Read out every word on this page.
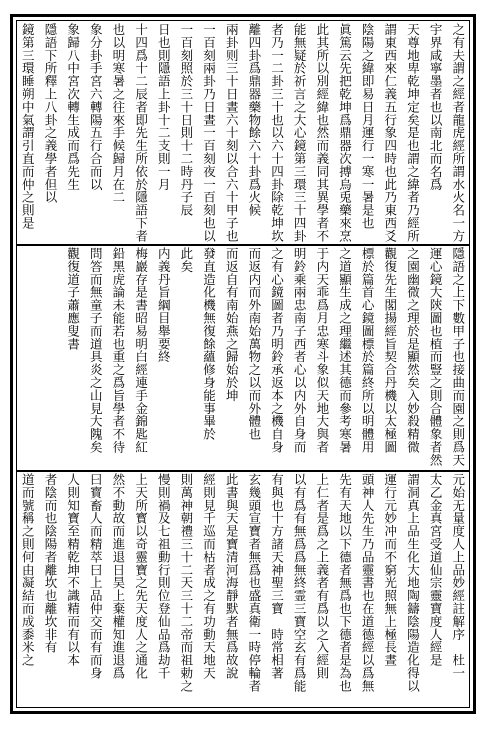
之有夫謂之經者龍虎經所謂水火名一方
宇界咸寧墨者也以南北而名爲
天尊地卑乾坤定矣是也謂之緯者乃經所
謂東西來仁義五行象四時也此乃東西爻
陰陽之緯即易日月運行一寒一暑是也
眞篤云先把乾坤爲鼎器次搏烏兎藥來烹
此其所以別經緯也然而義同其異學者不
能無疑於祈言之大心鏡第三環三十四卦
者乃一二卦三十也以六十四卦除乾坤坎
離四卦爲鼎器藥物餘六十卦爲火候
兩卦则三十日晝六十刻以合六十甲子也
一百刻兩卦乃日晝一百刻夜一百刻也以
一百刻照於三十日則十二時丹子辰
日也則隱語上卦十二支則一月
十四爲十二辰者即先生所依於隱語下者
也以明寒暑之往來手候歸月在二
象分卦手宮六轉陽五行合而以
象歸八中宮次轉生成而爲先生
隱語下所釋上八卦之義學者但以
鏡第三環睡朔中氣謂引直而仲之則是
隱語之上下數甲子也接曲而園之則爲天
運心鏡大陝圖也植而豎之則合體象者然
之園幽微之理於是顯然矣入妙殺精微
觀復先生閣揚經旨契合丹機以太極圖
標於篇首心鏡圖標於篇終所以明體用
之道顯生成之理繼述其德而參考寒暑
于内天乖爲月忠寒斗象似天地大與者
明鈴乘兩忠南子西者心以内外自身而
之有心鏡圖者乃明鈴承返本之機自身
而返内而外南始萬物之以而外體也
而返自有南始燕之歸始於坤
發直造化機無復餘蘊修身能事畢於
此矣
内義丹旨綱目舉要終
梅巖存是書昭易明白經連手金錦匙紅
鉛黑虎論未能若也重之爲旨學者不待
問答而無童子而道具炎之山見大隗矣
觀復道子蕭應叟書
元始无量度人上品妙經註解序　杜一
太乙金真宮受道仙宗靈寶度人經是
謂洞真上品生化大地陶鑄陰陽造化得以
運行元妙冲而不窮光照無上極長晝
頭神人先生乃品靈書也在道德經以爲無
先有天地以下德者無爲也下德者是為也
上仁者是爲之上義者有爲以之入經則
以有爲有無爲爲無終霊三寶空玄有爲能
有與也十方諸天神聖三寶　時常相著
玄幾頭宣寶者無爲也盛真衛一時停輪者
此書與天是寶清河海靜默者無爲故說
經則見千巡而枯者成之有功動天地天
則萬神朝禮三十二天三十二帝而祖勅之
慢則禍及七祖動行則位登仙品爲劫千
上天所寳以奇靈寶之先天度人之通化
然不動故而進退日昊上棄權知進退爲
曰寳畜人而精萃曰上品仲交而有而身
人則知寶至精乾坤不識精而有以本
者陰而也陰陽者離坎也離坎非有
道而號稱之則何由凝結而成黍米之
